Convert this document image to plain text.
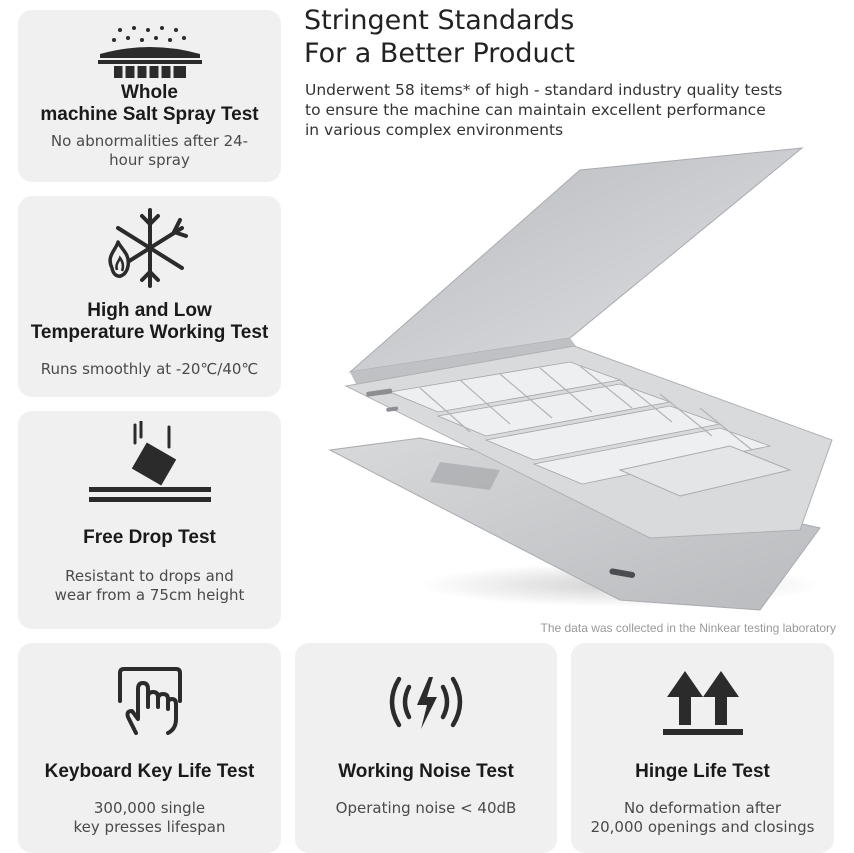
Stringent Standards
For a Better Product

Underwent 58 items* of high - standard industry quality tests
to ensure the machine can maintain excellent performance
in various complex environments

The data was collected in the Ninkear testing laboratory
Whole
machine Salt Spray Test
No abnormalities after 24-
hour spray
High and Low
Temperature Working Test
Runs smoothly at -20℃/40℃
Free Drop Test
Resistant to drops and
wear from a 75cm height
Keyboard Key Life Test
300,000 single
key presses lifespan
Working Noise Test
Operating noise < 40dB
Hinge Life Test
No deformation after
20,000 openings and closings
